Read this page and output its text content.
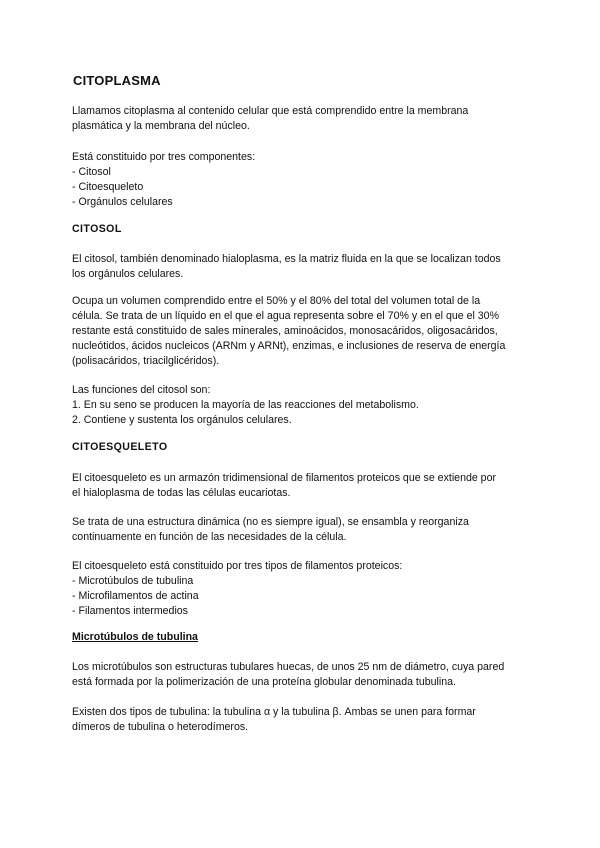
CITOPLASMA

Llamamos citoplasma al contenido celular que está comprendido entre la membrana
plasmática y la membrana del núcleo.

Está constituido por tres componentes:
- Citosol
- Citoesqueleto
- Orgánulos celulares

CITOSOL

El citosol, también denominado hialoplasma, es la matriz fluida en la que se localizan todos
los orgánulos celulares.

Ocupa un volumen comprendido entre el 50% y el 80% del total del volumen total de la
célula. Se trata de un líquido en el que el agua representa sobre el 70% y en el que el 30%
restante está constituido de sales minerales, aminoácidos, monosacáridos, oligosacáridos,
nucleótidos, ácidos nucleicos (ARNm y ARNt), enzimas, e inclusiones de reserva de energía
(polisacáridos, triacilglicéridos).

Las funciones del citosol son:
1. En su seno se producen la mayoría de las reacciones del metabolismo.
2. Contiene y sustenta los orgánulos celulares.

CITOESQUELETO

El citoesqueleto es un armazón tridimensional de filamentos proteicos que se extiende por
el hialoplasma de todas las células eucariotas.

Se trata de una estructura dinámica (no es siempre igual), se ensambla y reorganiza
continuamente en función de las necesidades de la célula.

El citoesqueleto está constituido por tres tipos de filamentos proteicos:
- Microtúbulos de tubulina
- Microfilamentos de actina
- Filamentos intermedios

Microtúbulos de tubulina

Los microtúbulos son estructuras tubulares huecas, de unos 25 nm de diámetro, cuya pared
está formada por la polimerización de una proteína globular denominada tubulina.

Existen dos tipos de tubulina: la tubulina α y la tubulina β. Ambas se unen para formar
dímeros de tubulina o heterodímeros.
